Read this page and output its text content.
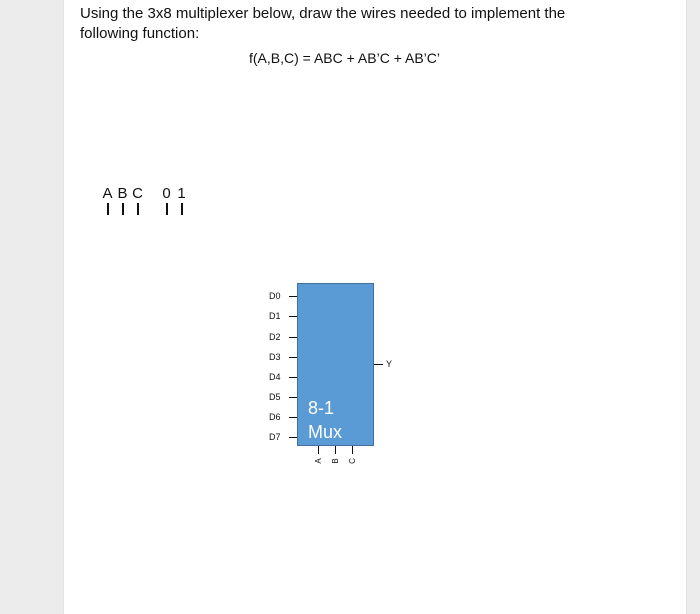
Using the 3x8 multiplexer below, draw the wires needed to implement the
following function:
f(A,B,C) = ABC + AB’C + AB’C’
A B C 0 1
D0
D1
D2
D3
D4
D5
D6
D7
8-1
Mux
Y
A B C
